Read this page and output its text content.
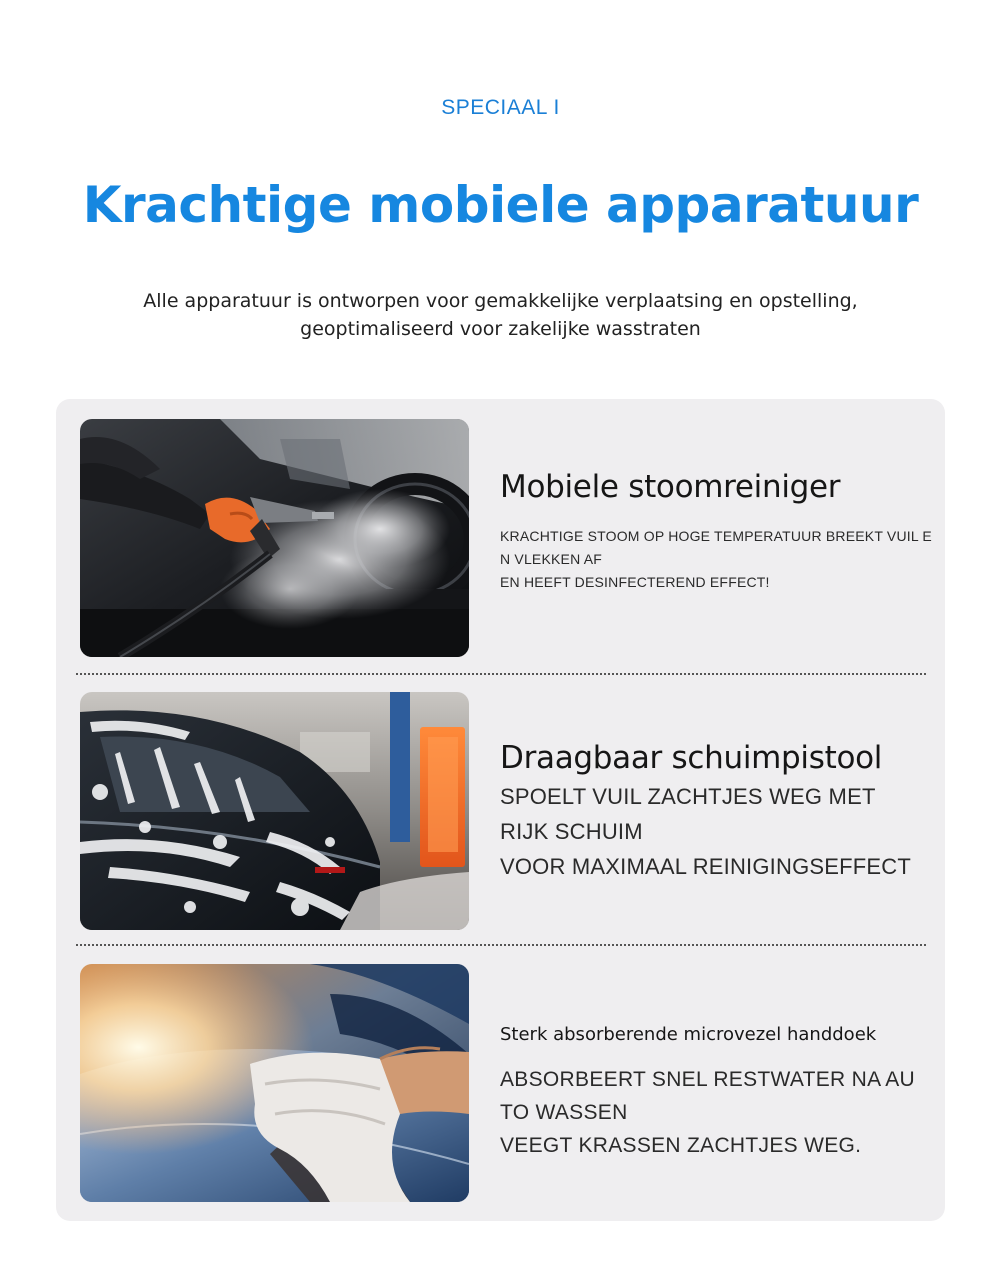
SPECIAAL I
Krachtige mobiele apparatuur

Alle apparatuur is ontworpen voor gemakkelijke verplaatsing en opstelling,
geoptimaliseerd voor zakelijke wasstraten

Mobiele stoomreiniger
KRACHTIGE STOOM OP HOGE TEMPERATUUR BREEKT VUIL EN VLEKKEN AF
EN HEEFT DESINFECTEREND EFFECT!
Draagbaar schuimpistool
SPOELT VUIL ZACHTJES WEG MET RIJK SCHUIM
VOOR MAXIMAAL REINIGINGSEFFECT
Sterk absorberende microvezel handdoek
ABSORBEERT SNEL RESTWATER NA AUTO WASSEN
VEEGT KRASSEN ZACHTJES WEG.
